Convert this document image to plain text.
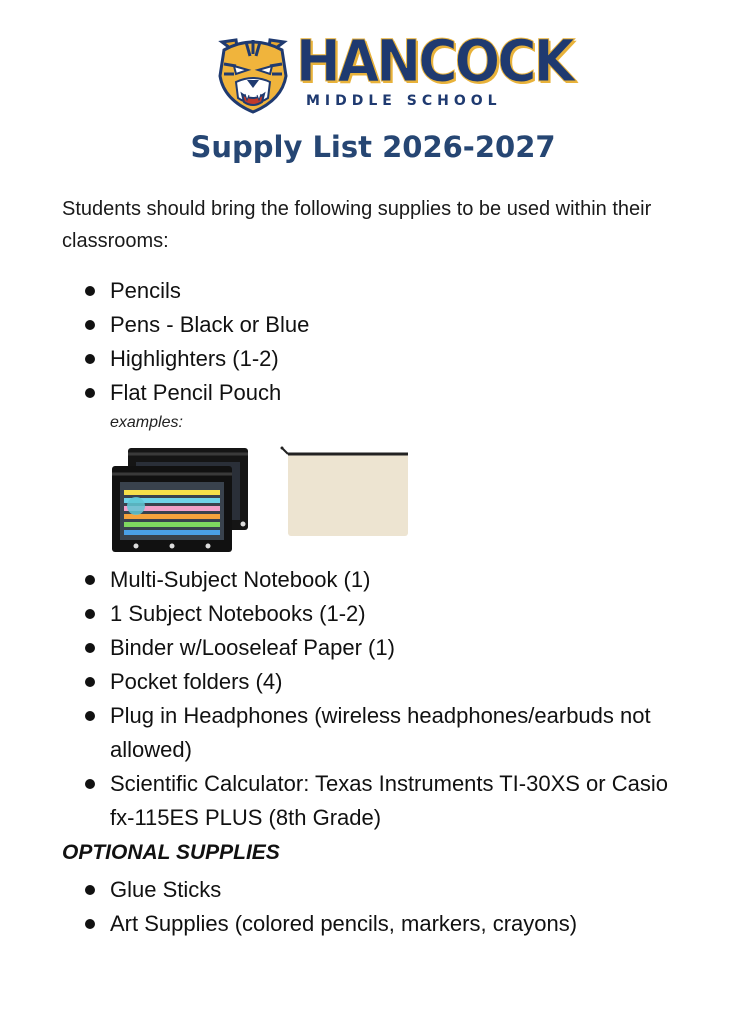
HANCOCK
MIDDLE SCHOOL
Supply List 2026-2027
Students should bring the following supplies to be used within their classrooms:
Pencils
Pens - Black or Blue
Highlighters (1-2)
Flat Pencil Pouch
examples:
Multi-Subject Notebook (1)
1 Subject Notebooks (1-2)
Binder w/Looseleaf Paper (1)
Pocket folders (4)
Plug in Headphones (wireless headphones/earbuds not allowed)
Scientific Calculator: Texas Instruments TI-30XS or Casio fx-115ES PLUS (8th Grade)
OPTIONAL SUPPLIES
Glue Sticks
Art Supplies (colored pencils, markers, crayons)
